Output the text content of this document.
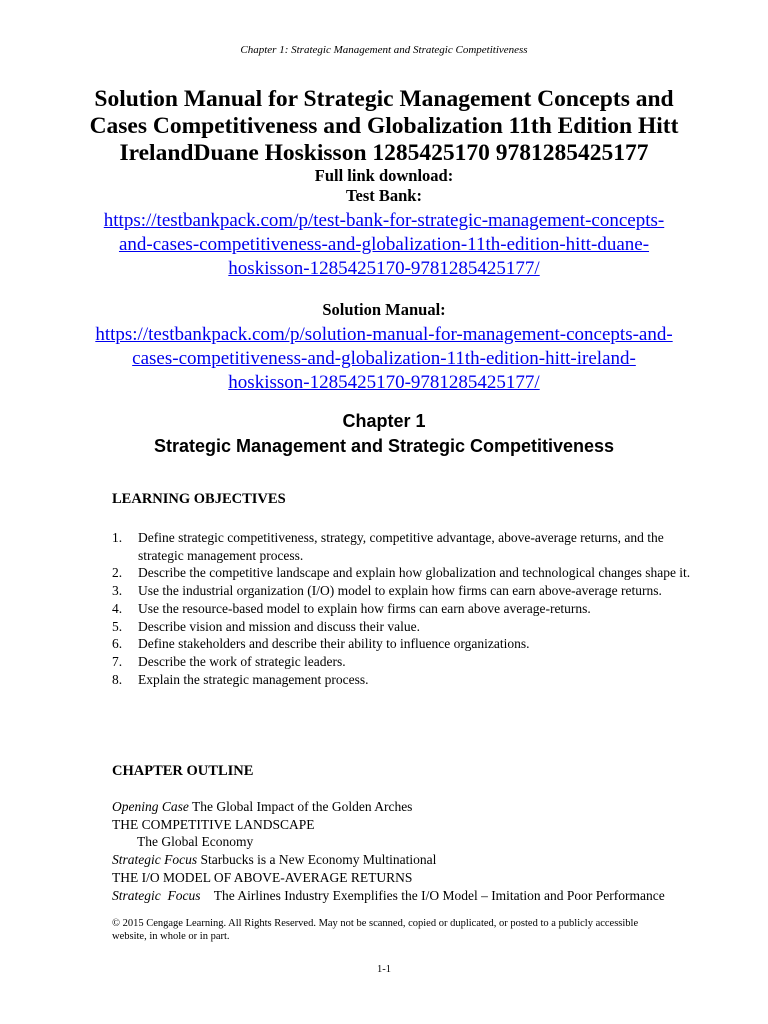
Chapter 1: Strategic Management and Strategic Competitiveness
Solution Manual for Strategic Management Concepts and Cases Competitiveness and Globalization 11th Edition Hitt IrelandDuane Hoskisson 1285425170 9781285425177
Full link download:
Test Bank:
https://testbankpack.com/p/test-bank-for-strategic-management-concepts-and-cases-competitiveness-and-globalization-11th-edition-hitt-duane-hoskisson-1285425170-9781285425177/
Solution Manual:
https://testbankpack.com/p/solution-manual-for-management-concepts-and-cases-competitiveness-and-globalization-11th-edition-hitt-ireland-hoskisson-1285425170-9781285425177/
Chapter 1
Strategic Management and Strategic Competitiveness
LEARNING OBJECTIVES
1. Define strategic competitiveness, strategy, competitive advantage, above-average returns, and the strategic management process.
2. Describe the competitive landscape and explain how globalization and technological changes shape it.
3. Use the industrial organization (I/O) model to explain how firms can earn above-average returns.
4. Use the resource-based model to explain how firms can earn above average-returns.
5. Describe vision and mission and discuss their value.
6. Define stakeholders and describe their ability to influence organizations.
7. Describe the work of strategic leaders.
8. Explain the strategic management process.
CHAPTER OUTLINE
Opening Case The Global Impact of the Golden Arches
THE COMPETITIVE LANDSCAPE
The Global Economy
Strategic Focus Starbucks is a New Economy Multinational
THE I/O MODEL OF ABOVE-AVERAGE RETURNS
Strategic  Focus    The Airlines Industry Exemplifies the I/O Model – Imitation and Poor Performance
© 2015 Cengage Learning. All Rights Reserved. May not be scanned, copied or duplicated, or posted to a publicly accessible website, in whole or in part.
1-1
